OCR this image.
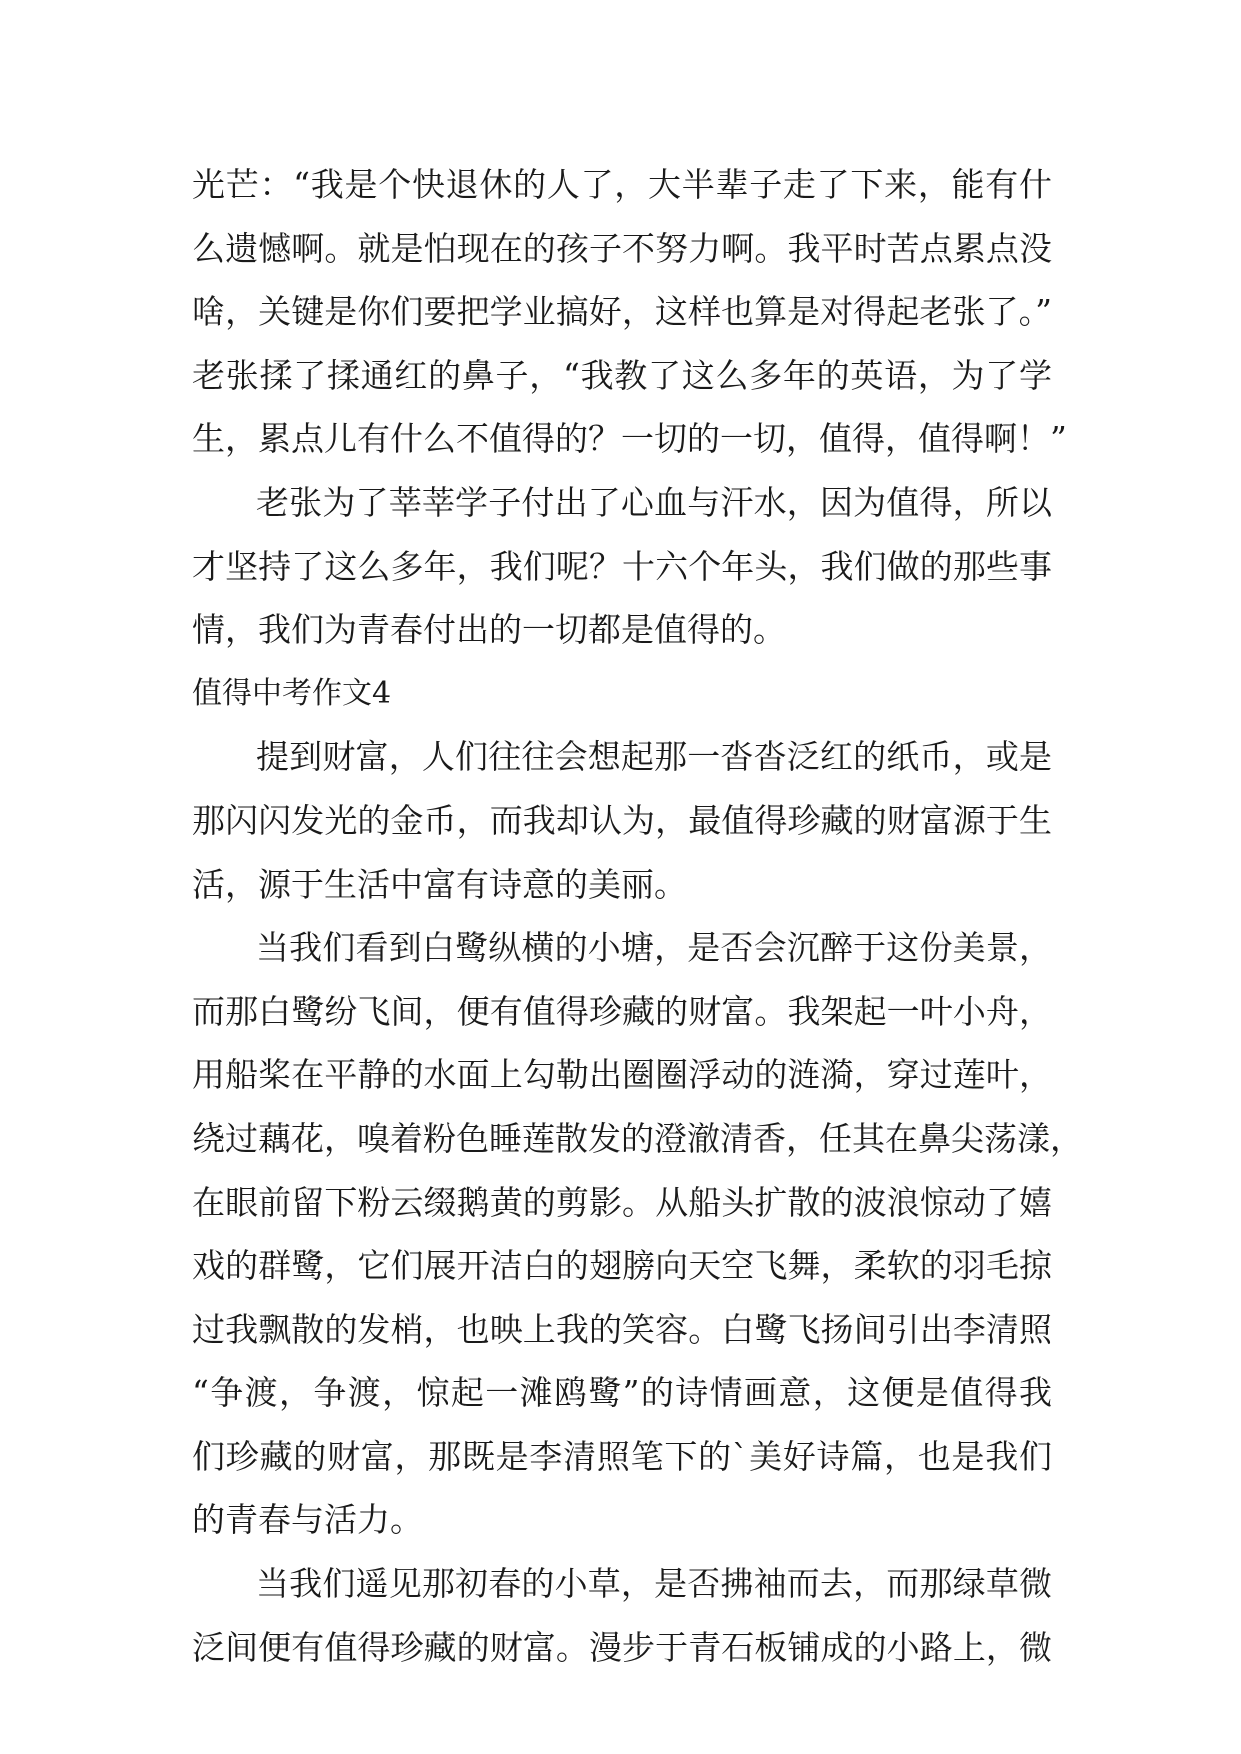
光芒：“我是个快退休的人了，大半辈子走了下来，能有什
么遗憾啊。就是怕现在的孩子不努力啊。我平时苦点累点没
啥，关键是你们要把学业搞好，这样也算是对得起老张了。”
老张揉了揉通红的鼻子，“我教了这么多年的英语，为了学
生，累点儿有什么不值得的？一切的一切，值得，值得啊！”
老张为了莘莘学子付出了心血与汗水，因为值得，所以
才坚持了这么多年，我们呢？十六个年头，我们做的那些事
情，我们为青春付出的一切都是值得的。
值得中考作文4
提到财富，人们往往会想起那一沓沓泛红的纸币，或是
那闪闪发光的金币，而我却认为，最值得珍藏的财富源于生
活，源于生活中富有诗意的美丽。
当我们看到白鹭纵横的小塘，是否会沉醉于这份美景，
而那白鹭纷飞间，便有值得珍藏的财富。我架起一叶小舟，
用船桨在平静的水面上勾勒出圈圈浮动的涟漪，穿过莲叶，
绕过藕花，嗅着粉色睡莲散发的澄澈清香，任其在鼻尖荡漾，
在眼前留下粉云缀鹅黄的剪影。从船头扩散的波浪惊动了嬉
戏的群鹭，它们展开洁白的翅膀向天空飞舞，柔软的羽毛掠
过我飘散的发梢，也映上我的笑容。白鹭飞扬间引出李清照
“争渡，争渡，惊起一滩鸥鹭”的诗情画意，这便是值得我
们珍藏的财富，那既是李清照笔下的`美好诗篇，也是我们
的青春与活力。
当我们遥见那初春的小草，是否拂袖而去，而那绿草微
泛间便有值得珍藏的财富。漫步于青石板铺成的小路上，微
